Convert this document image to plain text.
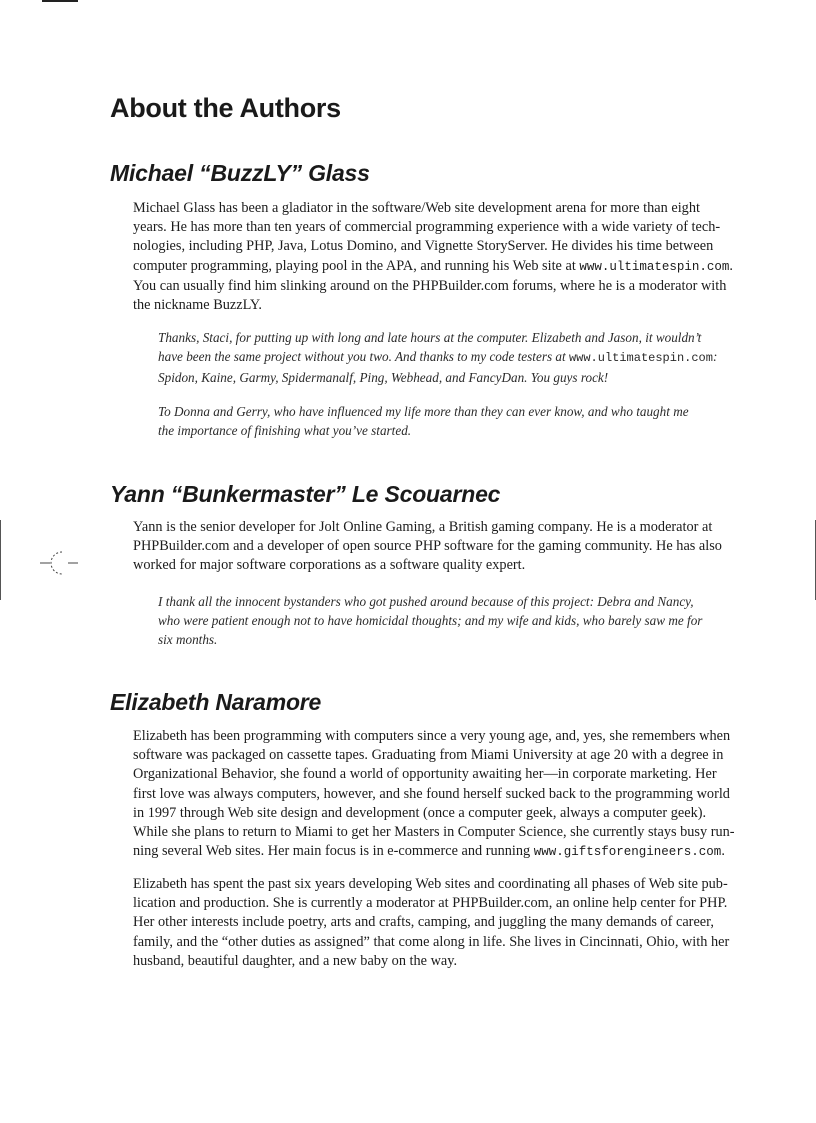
About the Authors
Michael “BuzzLY” Glass
Michael Glass has been a gladiator in the software/Web site development arena for more than eight
years. He has more than ten years of commercial programming experience with a wide variety of tech-
nologies, including PHP, Java, Lotus Domino, and Vignette StoryServer. He divides his time between
computer programming, playing pool in the APA, and running his Web site at www.ultimatespin.com.
You can usually find him slinking around on the PHPBuilder.com forums, where he is a moderator with
the nickname BuzzLY.
Thanks, Staci, for putting up with long and late hours at the computer. Elizabeth and Jason, it wouldn’t
have been the same project without you two. And thanks to my code testers at www.ultimatespin.com:
Spidon, Kaine, Garmy, Spidermanalf, Ping, Webhead, and FancyDan. You guys rock!
To Donna and Gerry, who have influenced my life more than they can ever know, and who taught me
the importance of finishing what you’ve started.
Yann “Bunkermaster” Le Scouarnec
Yann is the senior developer for Jolt Online Gaming, a British gaming company. He is a moderator at
PHPBuilder.com and a developer of open source PHP software for the gaming community. He has also
worked for major software corporations as a software quality expert.
I thank all the innocent bystanders who got pushed around because of this project: Debra and Nancy,
who were patient enough not to have homicidal thoughts; and my wife and kids, who barely saw me for
six months.
Elizabeth Naramore
Elizabeth has been programming with computers since a very young age, and, yes, she remembers when
software was packaged on cassette tapes. Graduating from Miami University at age 20 with a degree in
Organizational Behavior, she found a world of opportunity awaiting her—in corporate marketing. Her
first love was always computers, however, and she found herself sucked back to the programming world
in 1997 through Web site design and development (once a computer geek, always a computer geek).
While she plans to return to Miami to get her Masters in Computer Science, she currently stays busy run-
ning several Web sites. Her main focus is in e-commerce and running www.giftsforengineers.com.
Elizabeth has spent the past six years developing Web sites and coordinating all phases of Web site pub-
lication and production. She is currently a moderator at PHPBuilder.com, an online help center for PHP.
Her other interests include poetry, arts and crafts, camping, and juggling the many demands of career,
family, and the “other duties as assigned” that come along in life. She lives in Cincinnati, Ohio, with her
husband, beautiful daughter, and a new baby on the way.
